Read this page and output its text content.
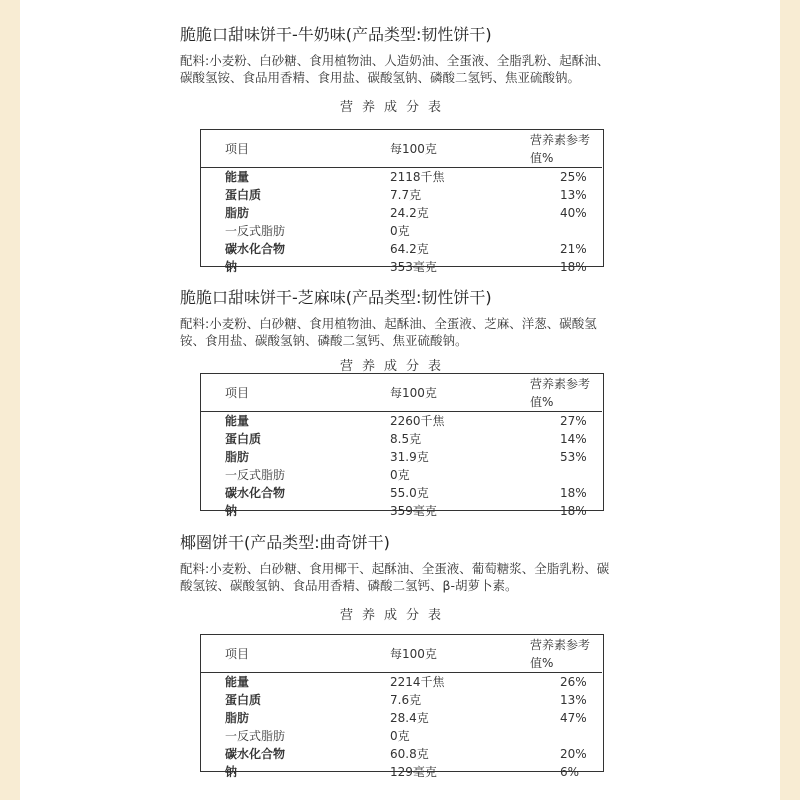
脆脆口甜味饼干-牛奶味(产品类型:韧性饼干)
配料:小麦粉、白砂糖、食用植物油、人造奶油、全蛋液、全脂乳粉、起酥油、碳酸氢铵、食品用香精、食用盐、碳酸氢钠、磷酸二氢钙、焦亚硫酸钠。
营养成分表
项目	每100克	营养素参考值%
能量	2118千焦	25%
蛋白质	7.7克	13%
脂肪	24.2克	40%
一反式脂肪	0克	
碳水化合物	64.2克	21%
钠	353毫克	18%
脆脆口甜味饼干-芝麻味(产品类型:韧性饼干)
配料:小麦粉、白砂糖、食用植物油、起酥油、全蛋液、芝麻、洋葱、碳酸氢铵、食用盐、碳酸氢钠、磷酸二氢钙、焦亚硫酸钠。
营养成分表
项目	每100克	营养素参考值%
能量	2260千焦	27%
蛋白质	8.5克	14%
脂肪	31.9克	53%
一反式脂肪	0克	
碳水化合物	55.0克	18%
钠	359毫克	18%
椰圈饼干(产品类型:曲奇饼干)
配料:小麦粉、白砂糖、食用椰干、起酥油、全蛋液、葡萄糖浆、全脂乳粉、碳酸氢铵、碳酸氢钠、食品用香精、磷酸二氢钙、β-胡萝卜素。
营养成分表
项目	每100克	营养素参考值%
能量	2214千焦	26%
蛋白质	7.6克	13%
脂肪	28.4克	47%
一反式脂肪	0克	
碳水化合物	60.8克	20%
钠	129毫克	6%
